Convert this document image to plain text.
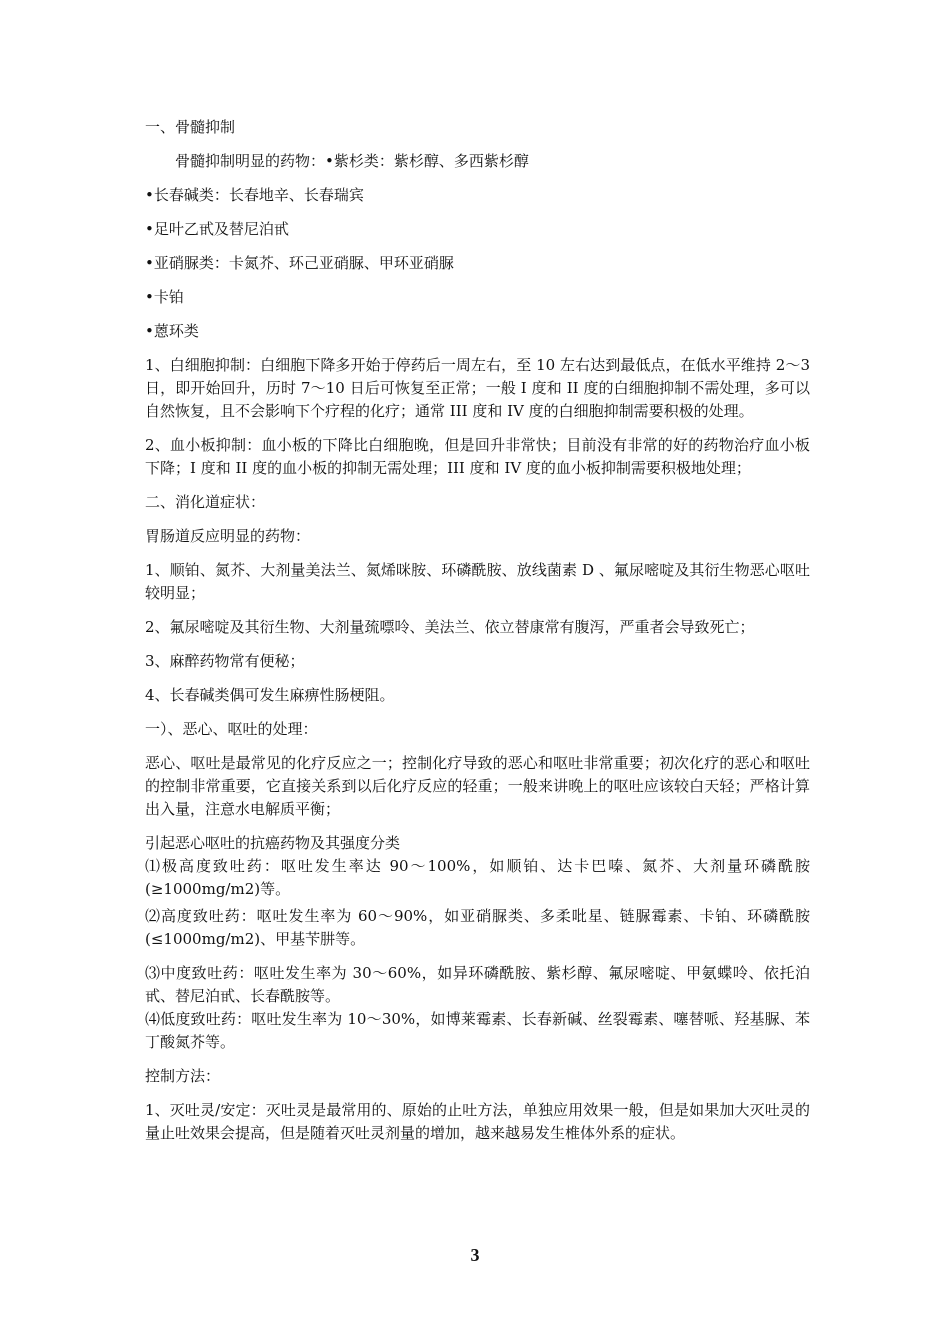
一、骨髓抑制

骨髓抑制明显的药物：•紫杉类：紫杉醇、多西紫杉醇

•长春碱类：长春地辛、长春瑞宾

•足叶乙甙及替尼泊甙

•亚硝脲类：卡氮芥、环己亚硝脲、甲环亚硝脲

•卡铂

•蒽环类

1、白细胞抑制：白细胞下降多开始于停药后一周左右，至 10 左右达到最低点，在低水平维持 2～3 日，即开始回升，历时 7～10 日后可恢复至正常；一般 I 度和 II 度的白细胞抑制不需处理，多可以自然恢复，且不会影响下个疗程的化疗；通常 III 度和 IV 度的白细胞抑制需要积极的处理。

2、血小板抑制：血小板的下降比白细胞晚，但是回升非常快；目前没有非常的好的药物治疗血小板下降；I 度和 II 度的血小板的抑制无需处理；III 度和 IV 度的血小板抑制需要积极地处理；

二、消化道症状：

胃肠道反应明显的药物：

1、顺铂、氮芥、大剂量美法兰、氮烯咪胺、环磷酰胺、放线菌素 D 、氟尿嘧啶及其衍生物恶心呕吐较明显；

2、氟尿嘧啶及其衍生物、大剂量巯嘌呤、美法兰、依立替康常有腹泻，严重者会导致死亡；

3、麻醉药物常有便秘；

4、长春碱类偶可发生麻痹性肠梗阻。

一）、恶心、呕吐的处理：

恶心、呕吐是最常见的化疗反应之一；控制化疗导致的恶心和呕吐非常重要；初次化疗的恶心和呕吐的控制非常重要，它直接关系到以后化疗反应的轻重；一般来讲晚上的呕吐应该较白天轻；严格计算出入量，注意水电解质平衡；

引起恶心呕吐的抗癌药物及其强度分类

⑴极高度致吐药：呕吐发生率达 90～100%，如顺铂、达卡巴嗪、氮芥、大剂量环磷酰胺(≥1000mg/m2)等。

⑵高度致吐药：呕吐发生率为 60～90%，如亚硝脲类、多柔吡星、链脲霉素、卡铂、环磷酰胺(≤1000mg/m2)、甲基苄肼等。

⑶中度致吐药：呕吐发生率为 30～60%，如异环磷酰胺、紫杉醇、氟尿嘧啶、甲氨蝶呤、依托泊甙、替尼泊甙、长春酰胺等。

⑷低度致吐药：呕吐发生率为 10～30%，如博莱霉素、长春新碱、丝裂霉素、噻替哌、羟基脲、苯丁酸氮芥等。

控制方法：

1、灭吐灵/安定：灭吐灵是最常用的、原始的止吐方法，单独应用效果一般，但是如果加大灭吐灵的量止吐效果会提高，但是随着灭吐灵剂量的增加，越来越易发生椎体外系的症状。

3
